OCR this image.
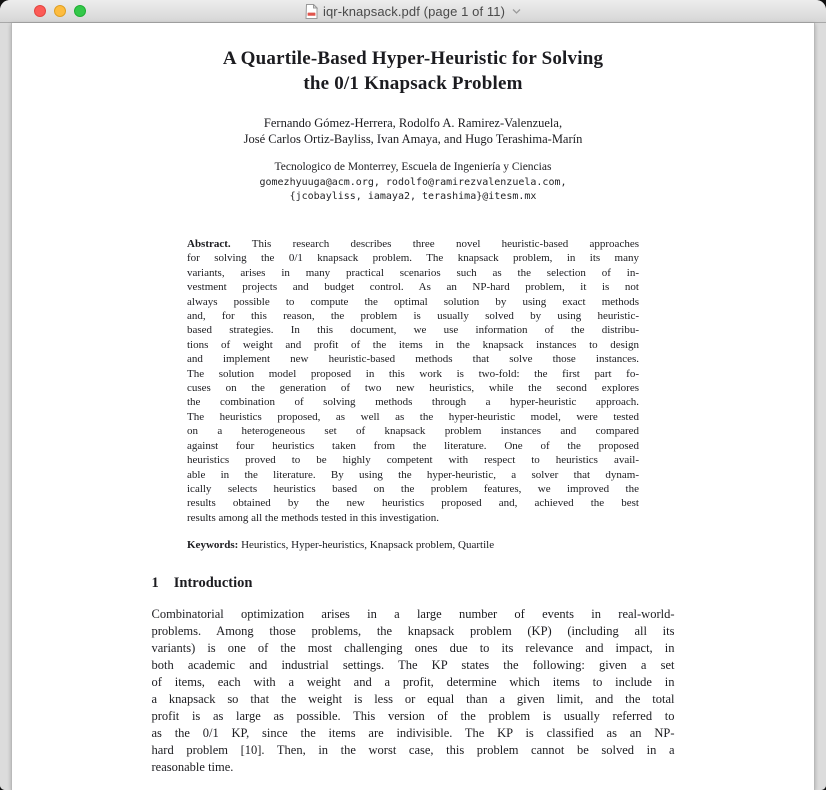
iqr-knapsack.pdf (page 1 of 11)
A Quartile-Based Hyper-Heuristic for Solving
the 0/1 Knapsack Problem
Fernando Gómez-Herrera, Rodolfo A. Ramirez-Valenzuela,
José Carlos Ortiz-Bayliss, Ivan Amaya, and Hugo Terashima-Marín
Tecnologico de Monterrey, Escuela de Ingeniería y Ciencias
gomezhyuuga@acm.org, rodolfo@ramirezvalenzuela.com,
{jcobayliss, iamaya2, terashima}@itesm.mx
Abstract. This research describes three novel heuristic-based approaches
for solving the 0/1 knapsack problem. The knapsack problem, in its many
variants, arises in many practical scenarios such as the selection of in-
vestment projects and budget control. As an NP-hard problem, it is not
always possible to compute the optimal solution by using exact methods
and, for this reason, the problem is usually solved by using heuristic-
based strategies. In this document, we use information of the distribu-
tions of weight and profit of the items in the knapsack instances to design
and implement new heuristic-based methods that solve those instances.
The solution model proposed in this work is two-fold: the first part fo-
cuses on the generation of two new heuristics, while the second explores
the combination of solving methods through a hyper-heuristic approach.
The heuristics proposed, as well as the hyper-heuristic model, were tested
on a heterogeneous set of knapsack problem instances and compared
against four heuristics taken from the literature. One of the proposed
heuristics proved to be highly competent with respect to heuristics avail-
able in the literature. By using the hyper-heuristic, a solver that dynam-
ically selects heuristics based on the problem features, we improved the
results obtained by the new heuristics proposed and, achieved the best
results among all the methods tested in this investigation.
Keywords: Heuristics, Hyper-heuristics, Knapsack problem, Quartile
1 Introduction
Combinatorial optimization arises in a large number of events in real-world-
problems. Among those problems, the knapsack problem (KP) (including all its
variants) is one of the most challenging ones due to its relevance and impact, in
both academic and industrial settings. The KP states the following: given a set
of items, each with a weight and a profit, determine which items to include in
a knapsack so that the weight is less or equal than a given limit, and the total
profit is as large as possible. This version of the problem is usually referred to
as the 0/1 KP, since the items are indivisible. The KP is classified as an NP-
hard problem [10]. Then, in the worst case, this problem cannot be solved in a
reasonable time.
